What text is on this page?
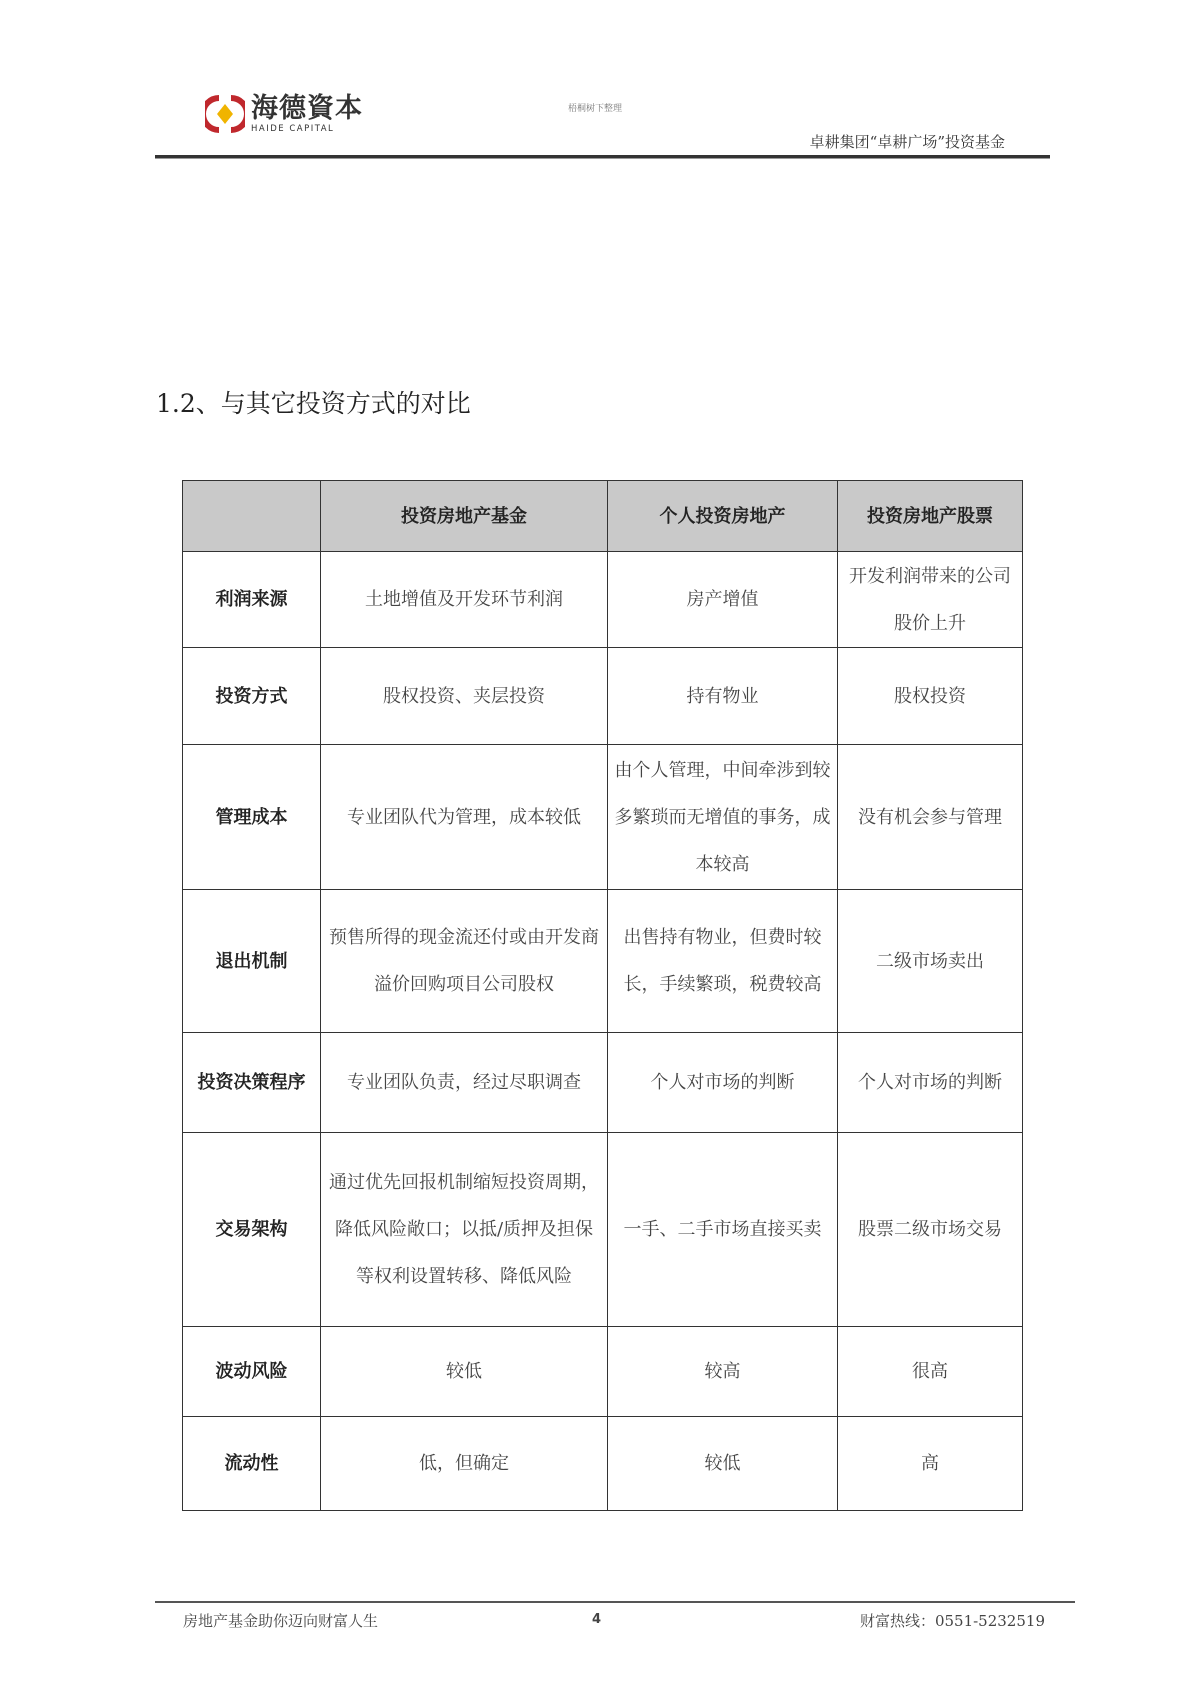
海德資本
HAIDE CAPITAL
梧桐树下整理
卓耕集团“卓耕广场”投资基金
1.2、与其它投资方式的对比
	投资房地产基金	个人投资房地产	投资房地产股票
利润来源	土地增值及开发环节利润	房产增值	开发利润带来的公司股价上升
投资方式	股权投资、夹层投资	持有物业	股权投资
管理成本	专业团队代为管理，成本较低	由个人管理，中间牵涉到较多繁琐而无增值的事务，成本较高	没有机会参与管理
退出机制	预售所得的现金流还付或由开发商溢价回购项目公司股权	出售持有物业，但费时较长，手续繁琐，税费较高	二级市场卖出
投资决策程序	专业团队负责，经过尽职调查	个人对市场的判断	个人对市场的判断
交易架构	通过优先回报机制缩短投资周期，降低风险敞口；以抵/质押及担保等权利设置转移、降低风险	一手、二手市场直接买卖	股票二级市场交易
波动风险	较低	较高	很高
流动性	低，但确定	较低	高
房地产基金助你迈向财富人生	4	财富热线：0551-5232519
